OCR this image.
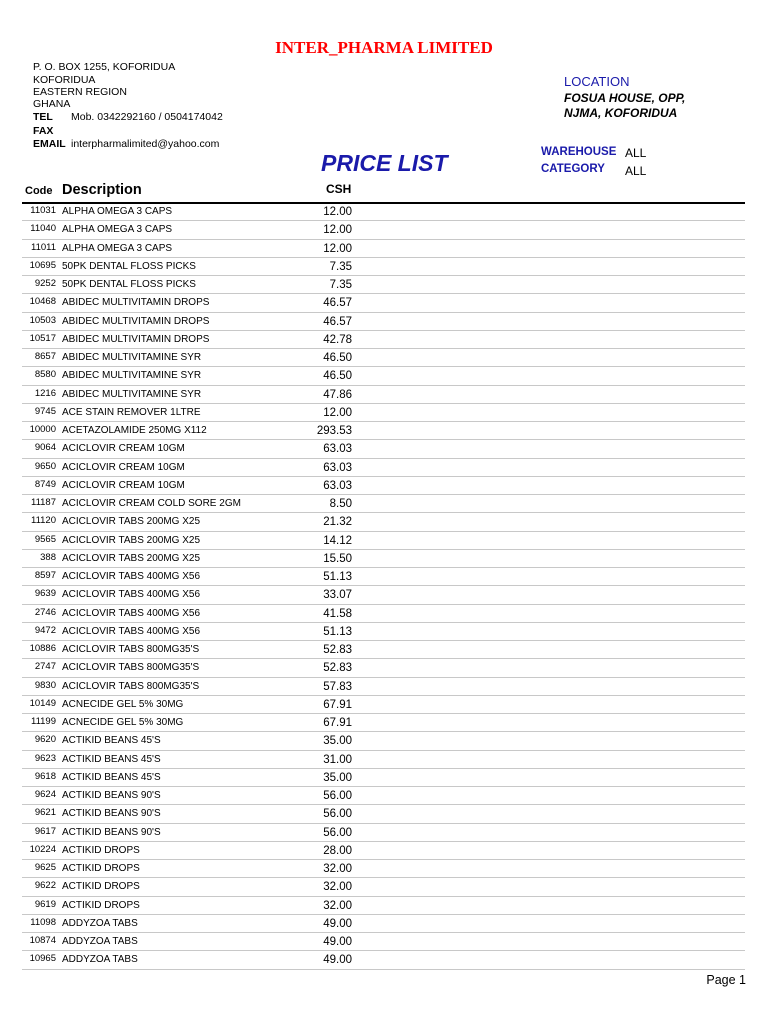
INTER_PHARMA LIMITED
P. O. BOX 1255, KOFORIDUA
KOFORIDUA
EASTERN REGION
GHANA
TEL Mob. 0342292160 / 0504174042
FAX
EMAIL interpharmalimited@yahoo.com
LOCATION
FOSUA HOUSE, OPP,
NJMA, KOFORIDUA
PRICE LIST	WAREHOUSE ALL
CATEGORY ALL
Code Description	CSH
11031 ALPHA OMEGA 3 CAPS	12.00
11040 ALPHA OMEGA 3 CAPS	12.00
11011 ALPHA OMEGA 3 CAPS	12.00
10695 50PK DENTAL FLOSS PICKS	7.35
9252 50PK DENTAL FLOSS PICKS	7.35
10468 ABIDEC MULTIVITAMIN DROPS	46.57
10503 ABIDEC MULTIVITAMIN DROPS	46.57
10517 ABIDEC MULTIVITAMIN DROPS	42.78
8657 ABIDEC MULTIVITAMINE SYR	46.50
8580 ABIDEC MULTIVITAMINE SYR	46.50
1216 ABIDEC MULTIVITAMINE SYR	47.86
9745 ACE STAIN REMOVER 1LTRE	12.00
10000 ACETAZOLAMIDE 250MG X112	293.53
9064 ACICLOVIR CREAM 10GM	63.03
9650 ACICLOVIR CREAM 10GM	63.03
8749 ACICLOVIR CREAM 10GM	63.03
11187 ACICLOVIR CREAM COLD SORE 2GM	8.50
11120 ACICLOVIR TABS 200MG X25	21.32
9565 ACICLOVIR TABS 200MG X25	14.12
388 ACICLOVIR TABS 200MG X25	15.50
8597 ACICLOVIR TABS 400MG X56	51.13
9639 ACICLOVIR TABS 400MG X56	33.07
2746 ACICLOVIR TABS 400MG X56	41.58
9472 ACICLOVIR TABS 400MG X56	51.13
10886 ACICLOVIR TABS 800MG35'S	52.83
2747 ACICLOVIR TABS 800MG35'S	52.83
9830 ACICLOVIR TABS 800MG35'S	57.83
10149 ACNECIDE GEL 5% 30MG	67.91
11199 ACNECIDE GEL 5% 30MG	67.91
9620 ACTIKID BEANS 45'S	35.00
9623 ACTIKID BEANS 45'S	31.00
9618 ACTIKID BEANS 45'S	35.00
9624 ACTIKID BEANS 90'S	56.00
9621 ACTIKID BEANS 90'S	56.00
9617 ACTIKID BEANS 90'S	56.00
10224 ACTIKID DROPS	28.00
9625 ACTIKID DROPS	32.00
9622 ACTIKID DROPS	32.00
9619 ACTIKID DROPS	32.00
11098 ADDYZOA TABS	49.00
10874 ADDYZOA TABS	49.00
10965 ADDYZOA TABS	49.00
Page 1
